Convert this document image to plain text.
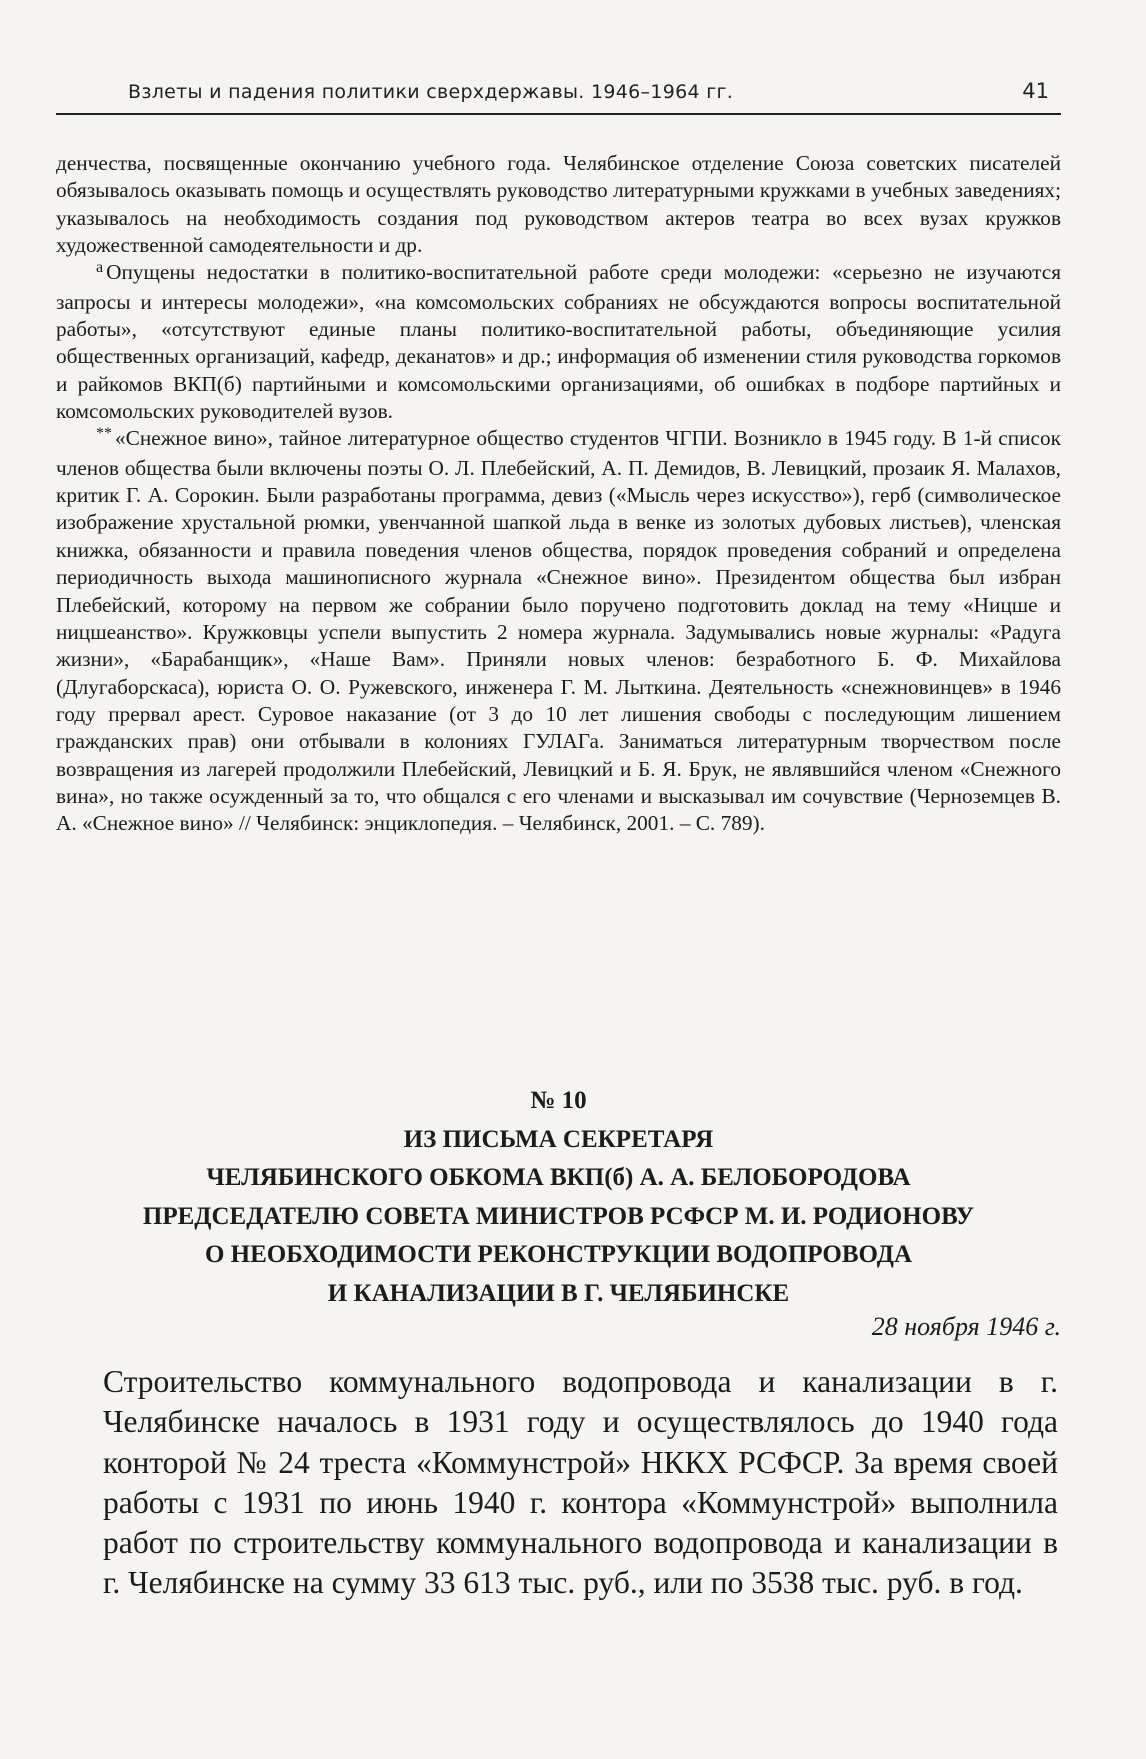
Взлеты и падения политики сверхдержавы. 1946–1964 гг.	41

денчества, посвященные окончанию учебного года. Челябинское отделение Союза советских писателей обязывалось оказывать помощь и осуществлять руководство литературными кружками в учебных заведениях; указывалось на необходимость создания под руководством актеров театра во всех вузах кружков художественной самодеятельности и др.

$^а$ Опущены недостатки в политико-воспитательной работе среди молодежи: «серьезно не изучаются запросы и интересы молодежи», «на комсомольских собраниях не обсуждаются вопросы воспитательной работы», «отсутствуют единые планы политико-воспитательной работы, объединяющие усилия общественных организаций, кафедр, деканатов» и др.; информация об изменении стиля руководства горкомов и райкомов ВКП(б) партийными и комсомольскими организациями, об ошибках в подборе партийных и комсомольских руководителей вузов.

** «Снежное вино», тайное литературное общество студентов ЧГПИ. Возникло в 1945 году. В 1-й список членов общества были включены поэты О. Л. Плебейский, А. П. Демидов, В. Левицкий, прозаик Я. Малахов, критик Г. А. Сорокин. Были разработаны программа, девиз («Мысль через искусство»), герб (символическое изображение хрустальной рюмки, увенчанной шапкой льда в венке из золотых дубовых листьев), членская книжка, обязанности и правила поведения членов общества, порядок проведения собраний и определена периодичность выхода машинописного журнала «Снежное вино». Президентом общества был избран Плебейский, которому на первом же собрании было поручено подготовить доклад на тему «Ницше и ницшеанство». Кружковцы успели выпустить 2 номера журнала. Задумывались новые журналы: «Радуга жизни», «Барабанщик», «Наше Вам». Приняли новых членов: безработного Б. Ф. Михайлова (Длугаборскаса), юриста О. О. Ружевского, инженера Г. М. Лыткина. Деятельность «снежновинцев» в 1946 году прервал арест. Суровое наказание (от 3 до 10 лет лишения свободы с последующим лишением гражданских прав) они отбывали в колониях ГУЛАГа. Заниматься литературным творчеством после возвращения из лагерей продолжили Плебейский, Левицкий и Б. Я. Брук, не являвшийся членом «Снежного вина», но также осужденный за то, что общался с его членами и высказывал им сочувствие (Черноземцев В. А. «Снежное вино» // Челябинск: энциклопедия. – Челябинск, 2001. – С. 789).

№ 10
ИЗ ПИСЬМА СЕКРЕТАРЯ
ЧЕЛЯБИНСКОГО ОБКОМА ВКП(б) А. А. БЕЛОБОРОДОВА
ПРЕДСЕДАТЕЛЮ СОВЕТА МИНИСТРОВ РСФСР М. И. РОДИОНОВУ
О НЕОБХОДИМОСТИ РЕКОНСТРУКЦИИ ВОДОПРОВОДА
И КАНАЛИЗАЦИИ В Г. ЧЕЛЯБИНСКЕ
28 ноября 1946 г.

Строительство коммунального водопровода и канализации в г. Челябинске началось в 1931 году и осуществлялось до 1940 года конторой № 24 треста «Коммунстрой» НККХ РСФСР. За время своей работы с 1931 по июнь 1940 г. контора «Коммунстрой» выполнила работ по строительству коммунального водопровода и канализации в г. Челябинске на сумму 33 613 тыс. руб., или по 3538 тыс. руб. в год.
